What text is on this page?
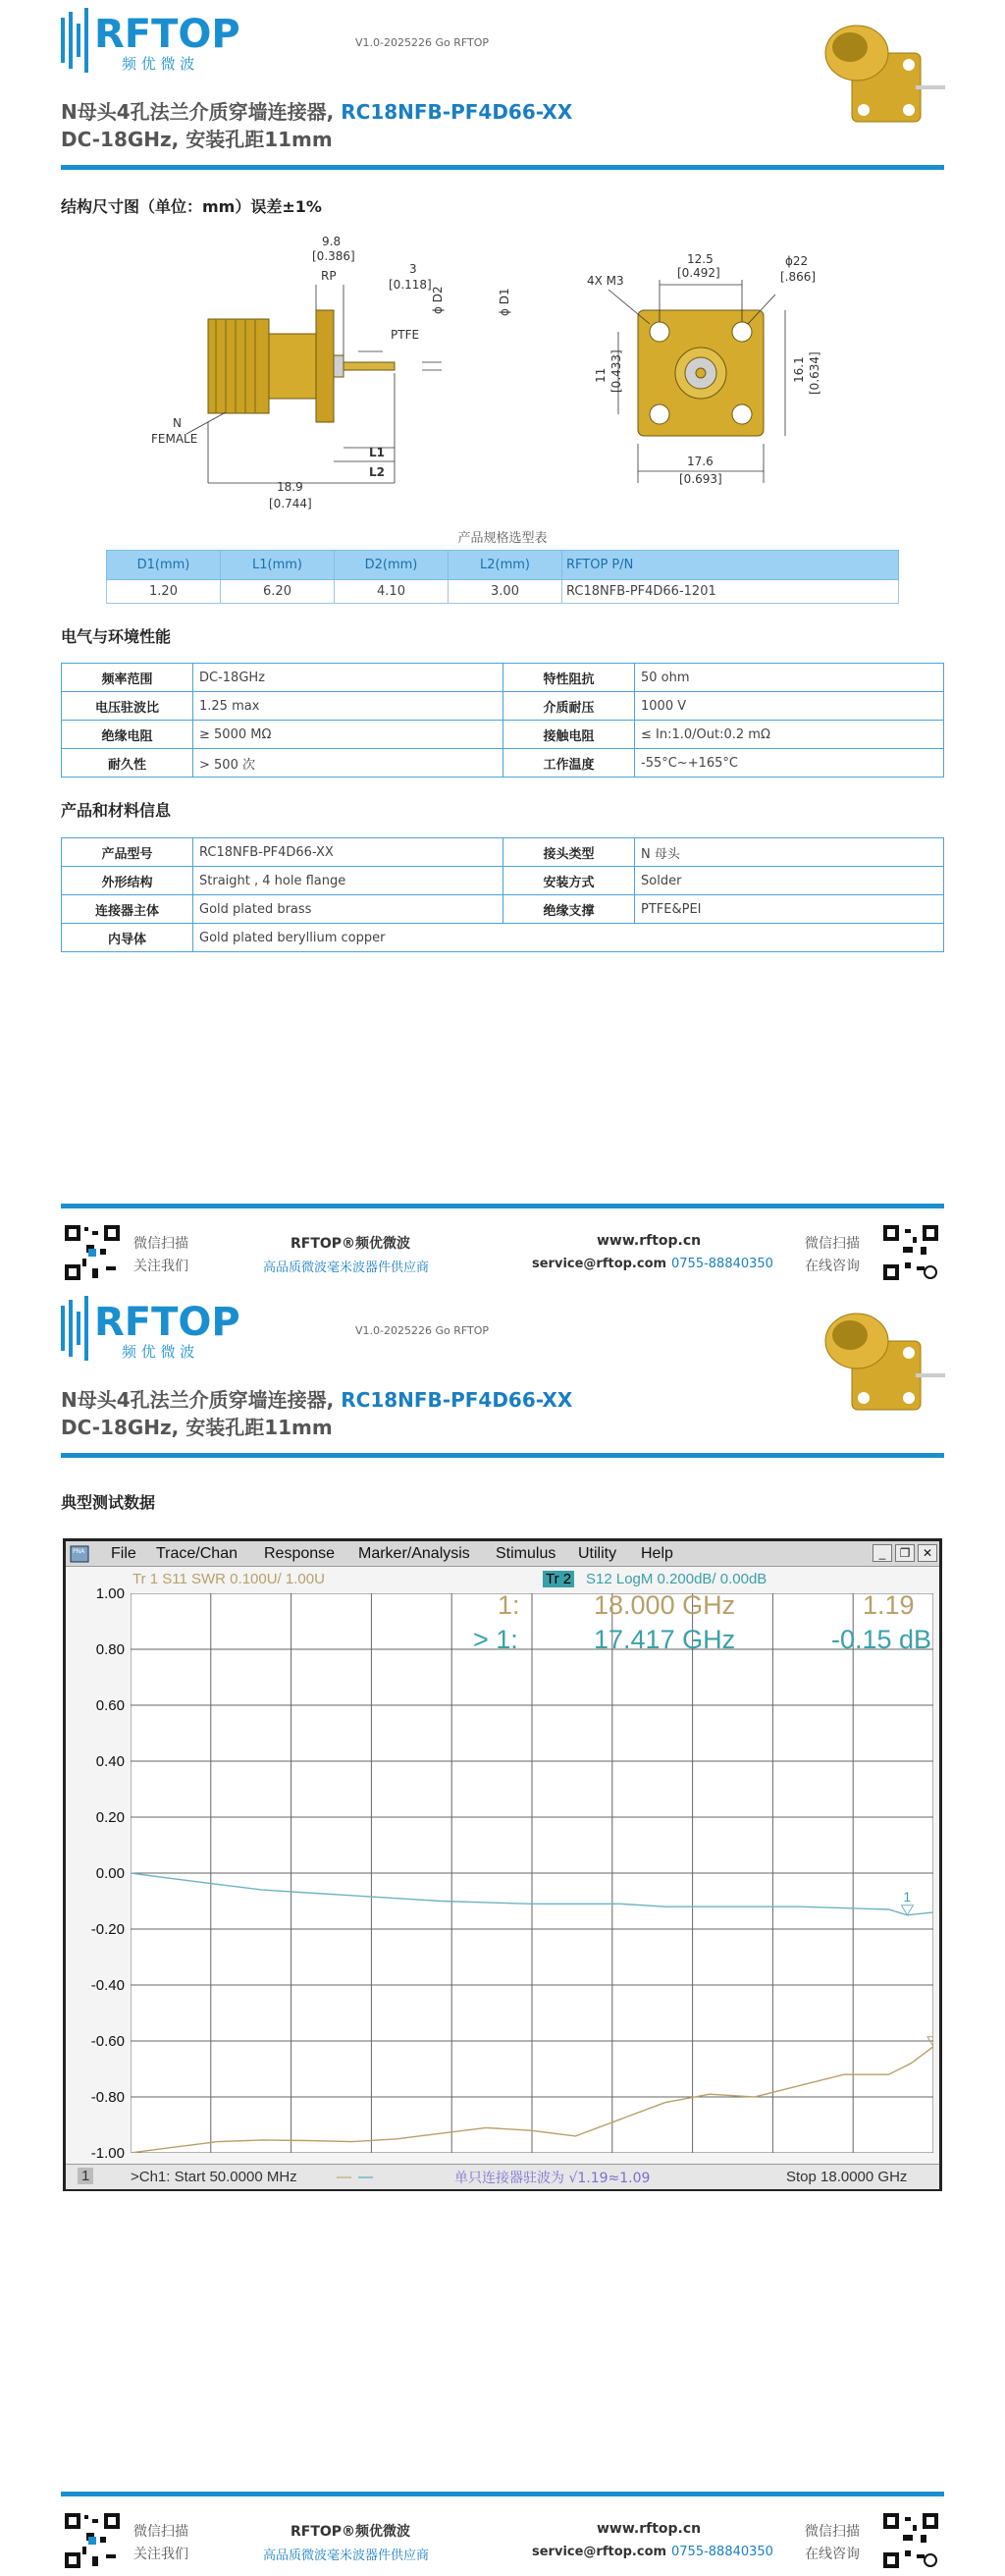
RFTOP
频 优 微 波
V1.0-2025226 Go RFTOP
N母头4孔法兰介质穿墙连接器, RC18NFB-PF4D66-XX
DC-18GHz, 安装孔距11mm
结构尺寸图（单位：mm）误差±1%
9.8
[0.386]
RP	3
[0.118]
ϕ D2	ϕ D1
PTFE
N
FEMALE
L1
L2
18.9
[0.744]
4X M3
12.5
[0.492]
ϕ22
[.866]
11 [0.433]	16.1 [0.634]
17.6
[0.693]
产品规格选型表
D1(mm)	L1(mm)	D2(mm)	L2(mm)	RFTOP P/N
1.20	6.20	4.10	3.00	RC18NFB-PF4D66-1201
电气与环境性能
频率范围	DC-18GHz	特性阻抗	50 ohm
电压驻波比	1.25 max	介质耐压	1000 V
绝缘电阻	≥ 5000 MΩ	接触电阻	≤ In:1.0/Out:0.2 mΩ
耐久性	> 500 次	工作温度	-55°C~+165°C
产品和材料信息
产品型号	RC18NFB-PF4D66-XX	接头类型	N 母头
外形结构	Straight , 4 hole flange	安装方式	Solder
连接器主体	Gold plated brass	绝缘支撑	PTFE&PEI
内导体	Gold plated beryllium copper		
微信扫描
关注我们
RFTOP®频优微波
高品质微波毫米波器件供应商
www.rftop.cn
service@rftop.com 0755-88840350
微信扫描
在线咨询
RFTOP
频 优 微 波
V1.0-2025226 Go RFTOP
N母头4孔法兰介质穿墙连接器, RC18NFB-PF4D66-XX
DC-18GHz, 安装孔距11mm
典型测试数据
PNA File Trace/Chan Response Marker/Analysis Stimulus Utility Help	_	❐	✕
Tr 1 S11 SWR 0.100U/ 1.00U	Tr 2 S12 LogM 0.200dB/ 0.00dB
1.00
0.80
0.60
0.40
0.20
0.00
-0.20
-0.40
-0.60
-0.80
-1.00
1
1:	18.000 GHz	1.19
> 1:	17.417 GHz	-0.15 dB
1	>Ch1: Start 50.0000 MHz	— —	单只连接器驻波为 √1.19≈1.09	Stop 18.0000 GHz
微信扫描
关注我们
RFTOP®频优微波
高品质微波毫米波器件供应商
www.rftop.cn
service@rftop.com 0755-88840350
微信扫描
在线咨询
